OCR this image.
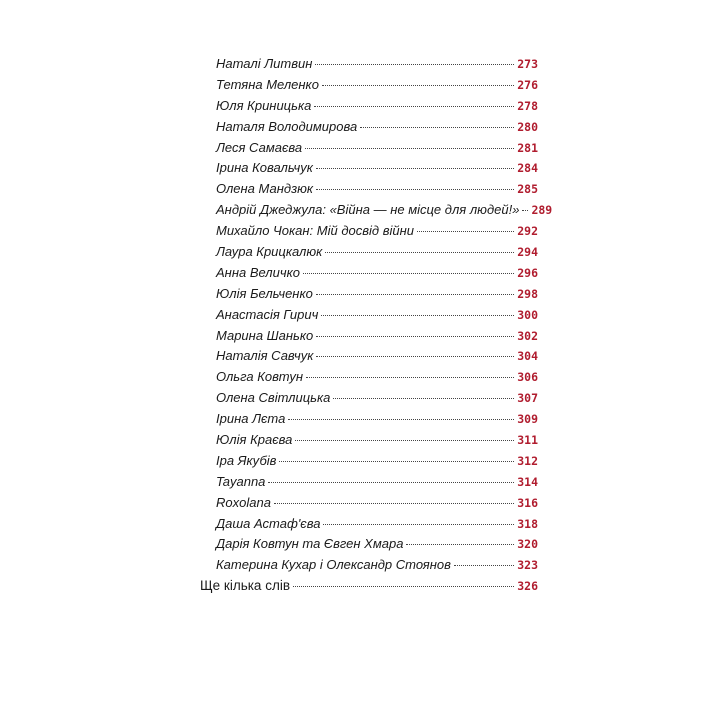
Наталі Литвин	273
Тетяна Меленко	276
Юля Криницька	278
Наталя Володимирова	280
Леся Самаєва	281
Ірина Ковальчук	284
Олена Мандзюк	285
Андрій Джеджула: «Війна — не місце для людей!» 289
Михайло Чокан: Мій досвід війни	292
Лаура Крицкалюк	294
Анна Величко	296
Юлія Бельченко	298
Анастасія Гирич	300
Марина Шанько	302
Наталія Савчук	304
Ольга Ковтун	306
Олена Світлицька	307
Ірина Лєта	309
Юлія Краєва	311
Іра Якубів	312
Tayanna	314
Roxolana	316
Даша Астаф'єва	318
Дарія Ковтун та Євген Хмара	320
Катерина Кухар і Олександр Стоянов	323
Ще кілька слів	326
